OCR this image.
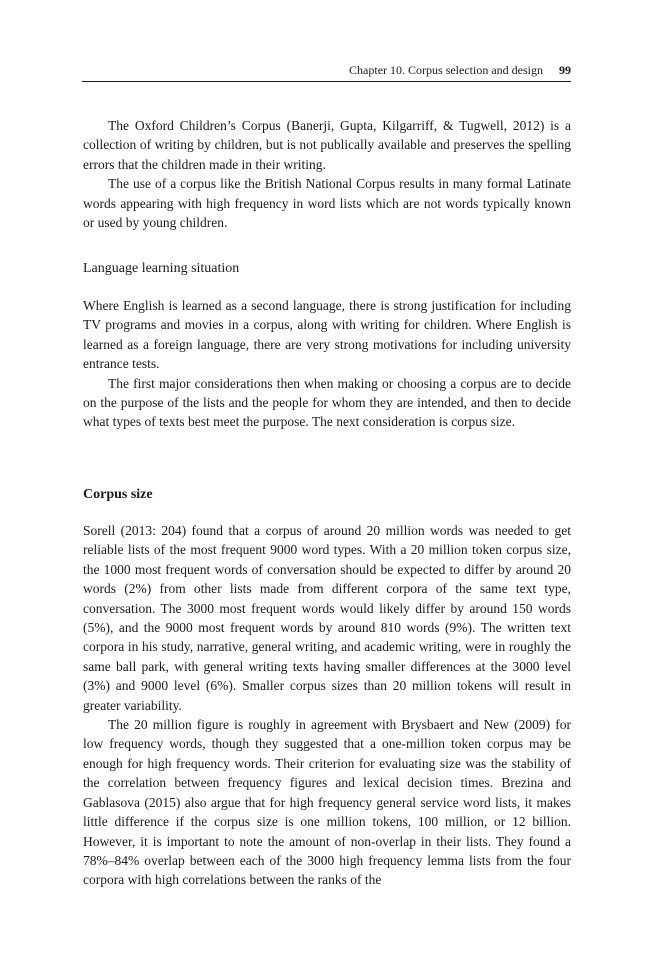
Chapter 10. Corpus selection and design 99

The Oxford Children’s Corpus (Banerji, Gupta, Kilgarriff, & Tugwell, 2012) is a collection of writing by children, but is not publically available and preserves the spelling errors that the children made in their writing.

The use of a corpus like the British National Corpus results in many formal Latinate words appearing with high frequency in word lists which are not words typically known or used by young children.

Language learning situation

Where English is learned as a second language, there is strong justification for including TV programs and movies in a corpus, along with writing for children. Where English is learned as a foreign language, there are very strong motivations for including university entrance tests.

The first major considerations then when making or choosing a corpus are to decide on the purpose of the lists and the people for whom they are intended, and then to decide what types of texts best meet the purpose. The next consideration is corpus size.

Corpus size

Sorell (2013: 204) found that a corpus of around 20 million words was needed to get reliable lists of the most frequent 9000 word types. With a 20 million token corpus size, the 1000 most frequent words of conversation should be expected to differ by around 20 words (2%) from other lists made from different corpora of the same text type, conversation. The 3000 most frequent words would likely differ by around 150 words (5%), and the 9000 most frequent words by around 810 words (9%). The written text corpora in his study, narrative, general writing, and academic writing, were in roughly the same ball park, with general writing texts having smaller differences at the 3000 level (3%) and 9000 level (6%). Smaller corpus sizes than 20 million tokens will result in greater variability.

The 20 million figure is roughly in agreement with Brysbaert and New (2009) for low frequency words, though they suggested that a one-million token corpus may be enough for high frequency words. Their criterion for evaluating size was the stability of the correlation between frequency figures and lexical decision times. Brezina and Gablasova (2015) also argue that for high frequency general service word lists, it makes little difference if the corpus size is one million tokens, 100 million, or 12 billion. However, it is important to note the amount of non-overlap in their lists. They found a 78%–84% overlap between each of the 3000 high frequency lemma lists from the four corpora with high correlations between the ranks of the
